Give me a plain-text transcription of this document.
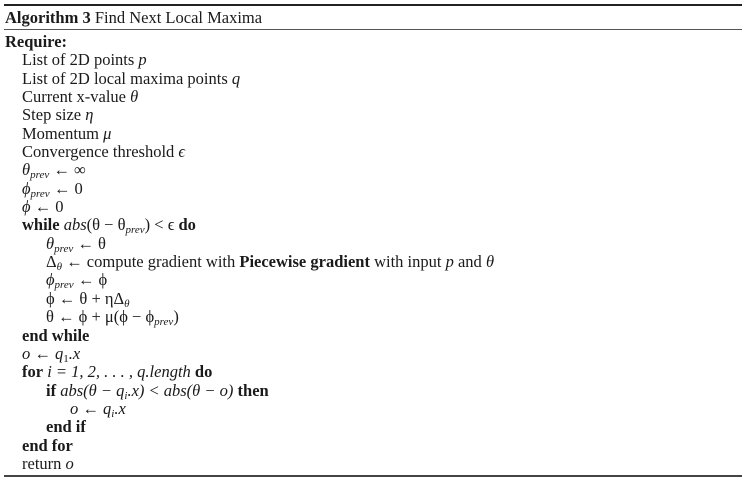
Algorithm 3 Find Next Local Maxima
Require:
List of 2D points p
List of 2D local maxima points q
Current x-value θ
Step size η
Momentum μ
Convergence threshold ϵ
$\theta_{prev}$ ← ∞
$\phi_{prev}$ ← 0
ϕ ← 0
while $abs(\theta - \theta_{prev}) < \epsilon$ do
$\theta_{prev}$ ← θ
$\Delta_\theta$ ← compute gradient with Piecewise gradient with input p and θ
$\phi_{prev}$ ← ϕ
ϕ ← $\theta + \eta\Delta_\theta$
θ ← $\phi + \mu(\phi - \phi_{prev})$
end while
o ← $q_1.x$
for i = 1, 2, . . . , q.length do
if $abs(\theta - q_i.x) < abs(\theta - o)$ then
o ← $q_i.x$
end if
end for
return o
